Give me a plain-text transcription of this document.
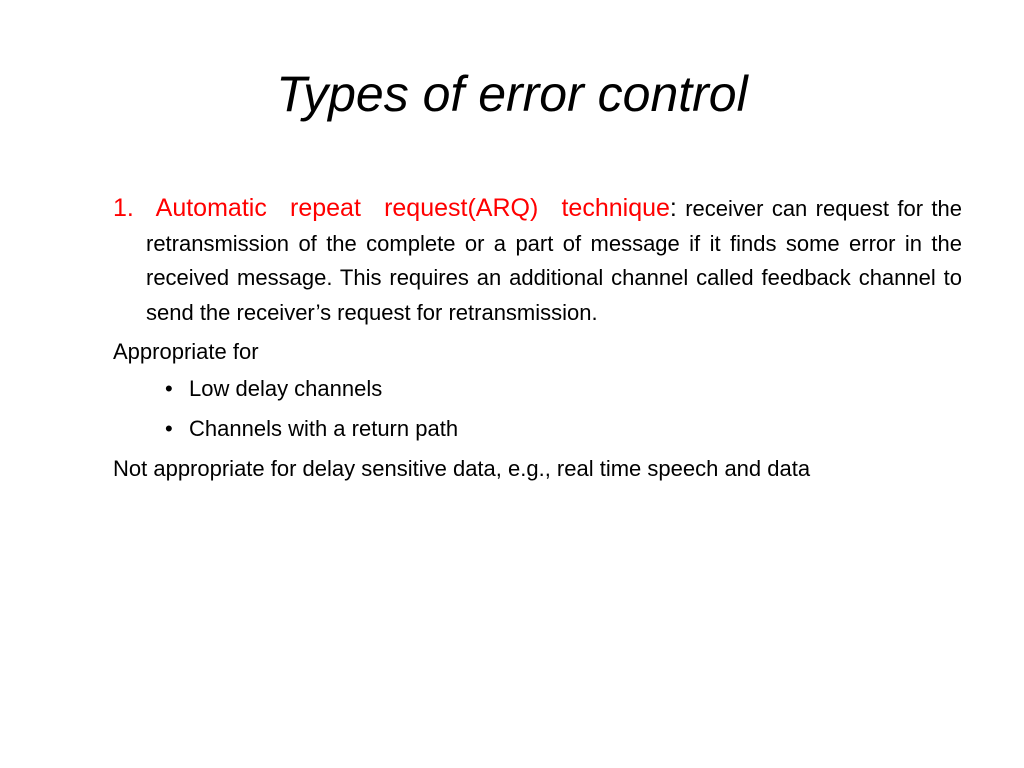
Types of error control
1. Automatic repeat request(ARQ) technique: receiver can request for the retransmission of the complete or a part of message if it finds some error in the received message. This requires an additional channel called feedback channel to send the receiver’s request for retransmission.
Appropriate for
• Low delay channels
• Channels with a return path
Not appropriate for delay sensitive data, e.g., real time speech and data
